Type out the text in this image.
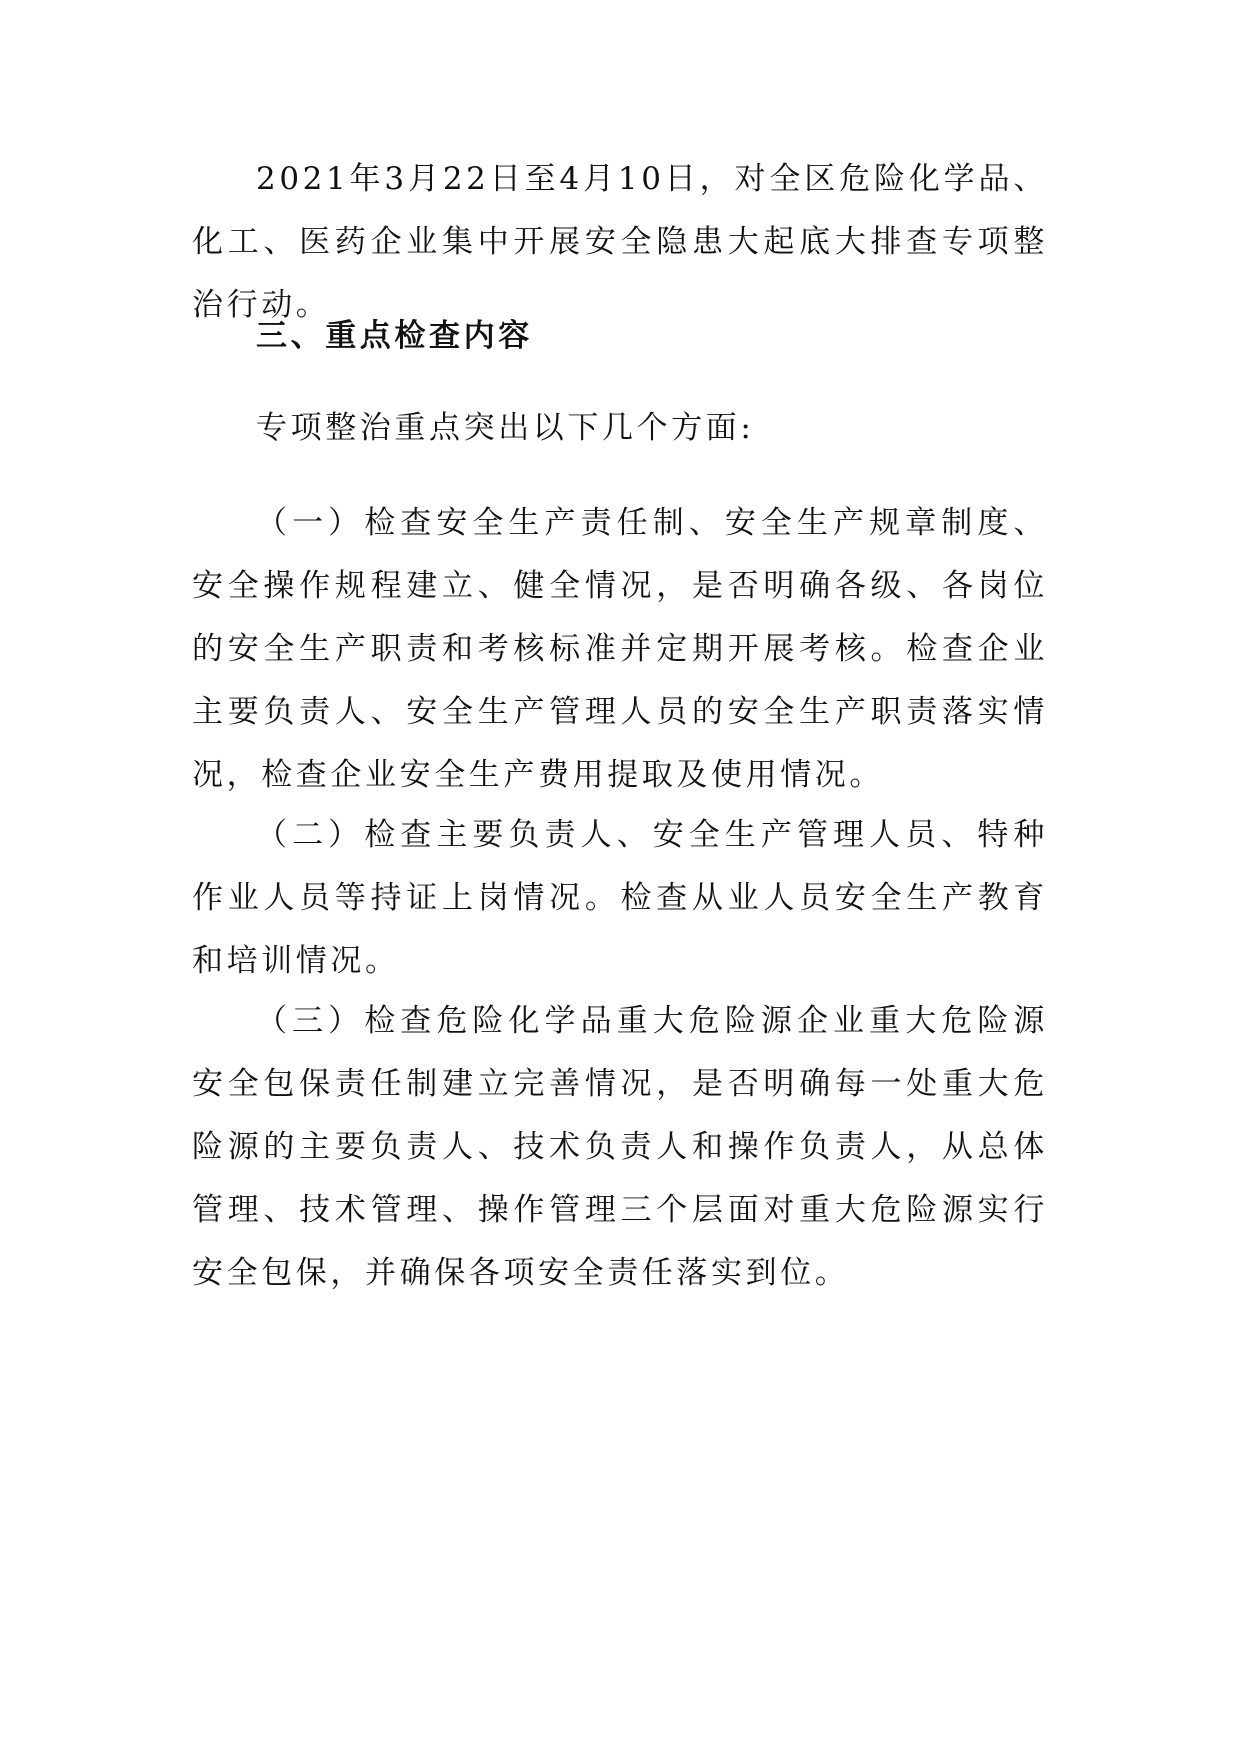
2021年3月22日至4月10日，对全区危险化学品、化工、医药企业集中开展安全隐患大起底大排查专项整治行动。

三、重点检查内容

专项整治重点突出以下几个方面:

（一）检查安全生产责任制、安全生产规章制度、安全操作规程建立、健全情况，是否明确各级、各岗位的安全生产职责和考核标准并定期开展考核。检查企业主要负责人、安全生产管理人员的安全生产职责落实情况，检查企业安全生产费用提取及使用情况。

（二）检查主要负责人、安全生产管理人员、特种作业人员等持证上岗情况。检查从业人员安全生产教育和培训情况。

（三）检查危险化学品重大危险源企业重大危险源安全包保责任制建立完善情况，是否明确每一处重大危险源的主要负责人、技术负责人和操作负责人，从总体管理、技术管理、操作管理三个层面对重大危险源实行安全包保，并确保各项安全责任落实到位。
